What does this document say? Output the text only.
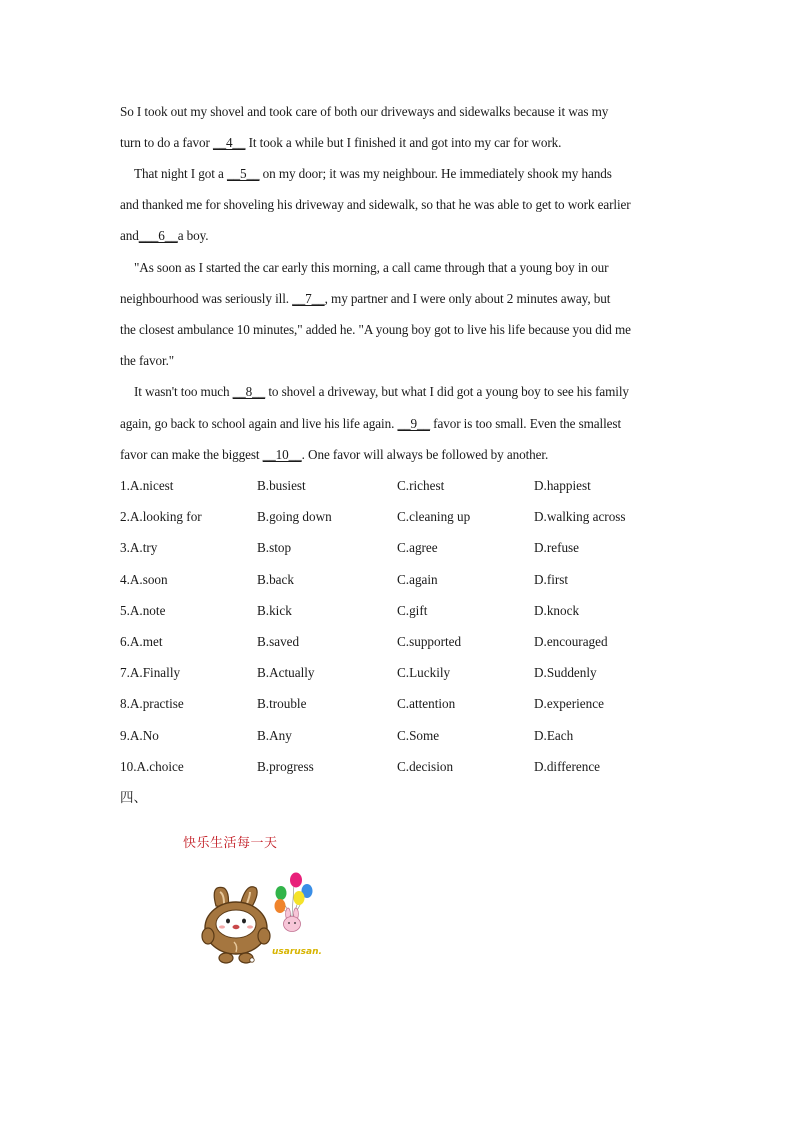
So I took out my shovel and took care of both our driveways and sidewalks because it was my
turn to do a favor __4__ It took a while but I finished it and got into my car for work.
That night I got a __5__ on my door; it was my neighbour. He immediately shook my hands
and thanked me for shoveling his driveway and sidewalk, so that he was able to get to work earlier
and___6__a boy.
"As soon as I started the car early this morning, a call came through that a young boy in our
neighbourhood was seriously ill. __7__, my partner and I were only about 2 minutes away, but
the closest ambulance 10 minutes," added he. "A young boy got to live his life because you did me
the favor."
It wasn't too much __8__ to shovel a driveway, but what I did got a young boy to see his family
again, go back to school again and live his life again. __9__ favor is too small. Even the smallest
favor can make the biggest __10__. One favor will always be followed by another.
1.A.nicest	B.busiest	C.richest	D.happiest
2.A.looking for	B.going down	C.cleaning up	D.walking across
3.A.try	B.stop	C.agree	D.refuse
4.A.soon	B.back	C.again	D.first
5.A.note	B.kick	C.gift	D.knock
6.A.met	B.saved	C.supported	D.encouraged
7.A.Finally	B.Actually	C.Luckily	D.Suddenly
8.A.practise	B.trouble	C.attention	D.experience
9.A.No	B.Any	C.Some	D.Each
10.A.choice	B.progress	C.decision	D.difference
四、
快乐生活每一天
usarusan.
